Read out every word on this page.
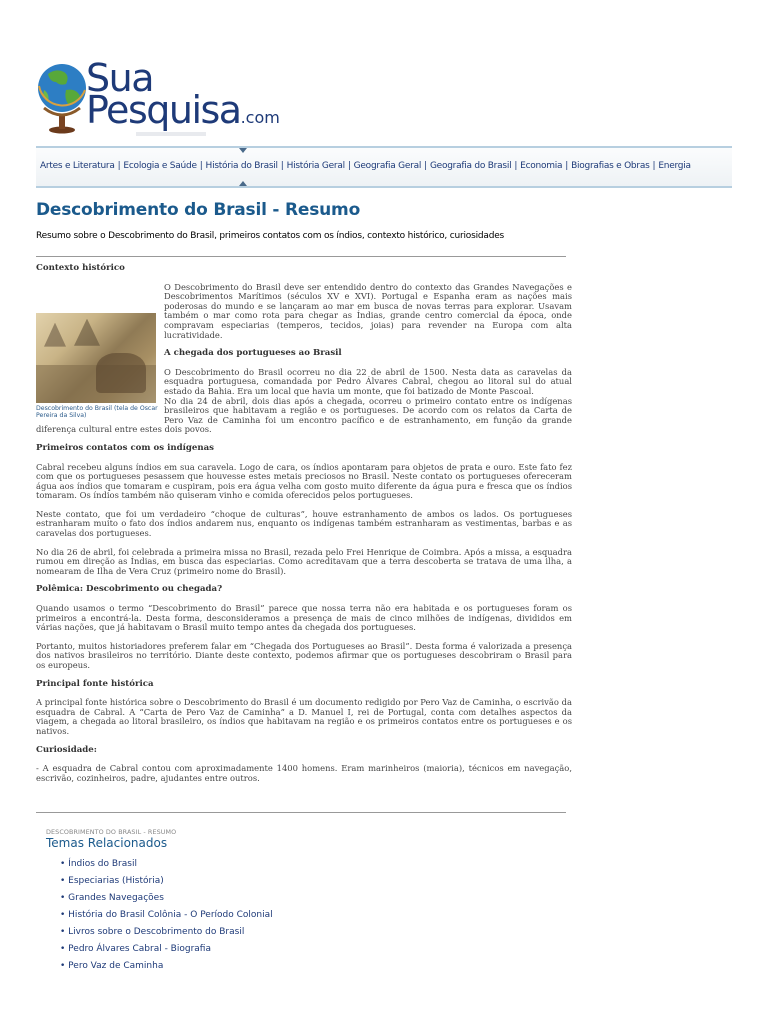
Sua
Pesquisa.com
Artes e Literatura | Ecologia e Saúde | História do Brasil | História Geral | Geografia Geral | Geografia do Brasil | Economia | Biografias e Obras | Energia
Descobrimento do Brasil - Resumo
Resumo sobre o Descobrimento do Brasil, primeiros contatos com os índios, contexto histórico, curiosidades
Contexto histórico

Descobrimento do Brasil (tela de Oscar Pereira da Silva)
O Descobrimento do Brasil deve ser entendido dentro do contexto das Grandes Navegações e Descobrimentos Marítimos (séculos XV e XVI). Portugal e Espanha eram as nações mais poderosas do mundo e se lançaram ao mar em busca de novas terras para explorar. Usavam também o mar como rota para chegar as Índias, grande centro comercial da época, onde compravam especiarias (temperos, tecidos, joias) para revender na Europa com alta lucratividade.

A chegada dos portugueses ao Brasil

O Descobrimento do Brasil ocorreu no dia 22 de abril de 1500. Nesta data as caravelas da esquadra portuguesa, comandada por Pedro Álvares Cabral, chegou ao litoral sul do atual estado da Bahia. Era um local que havia um monte, que foi batizado de Monte Pascoal.

No dia 24 de abril, dois dias após a chegada, ocorreu o primeiro contato entre os indígenas brasileiros que habitavam a região e os portugueses. De acordo com os relatos da Carta de Pero Vaz de Caminha foi um encontro pacífico e de estranhamento, em função da grande diferença cultural entre estes dois povos.

Primeiros contatos com os indígenas

Cabral recebeu alguns índios em sua caravela. Logo de cara, os índios apontaram para objetos de prata e ouro. Este fato fez com que os portugueses pesassem que houvesse estes metais preciosos no Brasil. Neste contato os portugueses ofereceram água aos índios que tomaram e cuspiram, pois era água velha com gosto muito diferente da água pura e fresca que os índios tomaram. Os índios também não quiseram vinho e comida oferecidos pelos portugueses.

Neste contato, que foi um verdadeiro “choque de culturas”, houve estranhamento de ambos os lados. Os portugueses estranharam muito o fato dos índios andarem nus, enquanto os indígenas também estranharam as vestimentas, barbas e as caravelas dos portugueses.

No dia 26 de abril, foi celebrada a primeira missa no Brasil, rezada pelo Frei Henrique de Coimbra. Após a missa, a esquadra rumou em direção as Índias, em busca das especiarias. Como acreditavam que a terra descoberta se tratava de uma ilha, a nomearam de Ilha de Vera Cruz (primeiro nome do Brasil).

Polêmica: Descobrimento ou chegada?

Quando usamos o termo “Descobrimento do Brasil” parece que nossa terra não era habitada e os portugueses foram os primeiros a encontrá-la. Desta forma, desconsideramos a presença de mais de cinco milhões de indígenas, divididos em várias nações, que já habitavam o Brasil muito tempo antes da chegada dos portugueses.

Portanto, muitos historiadores preferem falar em “Chegada dos Portugueses ao Brasil”. Desta forma é valorizada a presença dos nativos brasileiros no território. Diante deste contexto, podemos afirmar que os portugueses descobriram o Brasil para os europeus.

Principal fonte histórica

A principal fonte histórica sobre o Descobrimento do Brasil é um documento redigido por Pero Vaz de Caminha, o escrivão da esquadra de Cabral. A “Carta de Pero Vaz de Caminha” a D. Manuel I, rei de Portugal, conta com detalhes aspectos da viagem, a chegada ao litoral brasileiro, os índios que habitavam na região e os primeiros contatos entre os portugueses e os nativos.

Curiosidade:

- A esquadra de Cabral contou com aproximadamente 1400 homens. Eram marinheiros (maioria), técnicos em navegação, escrivão, cozinheiros, padre, ajudantes entre outros.

DESCOBRIMENTO DO BRASIL - RESUMO
Temas Relacionados
• Índios do Brasil
• Especiarias (História)
• Grandes Navegações
• História do Brasil Colônia - O Período Colonial
• Livros sobre o Descobrimento do Brasil
• Pedro Álvares Cabral - Biografia
• Pero Vaz de Caminha
